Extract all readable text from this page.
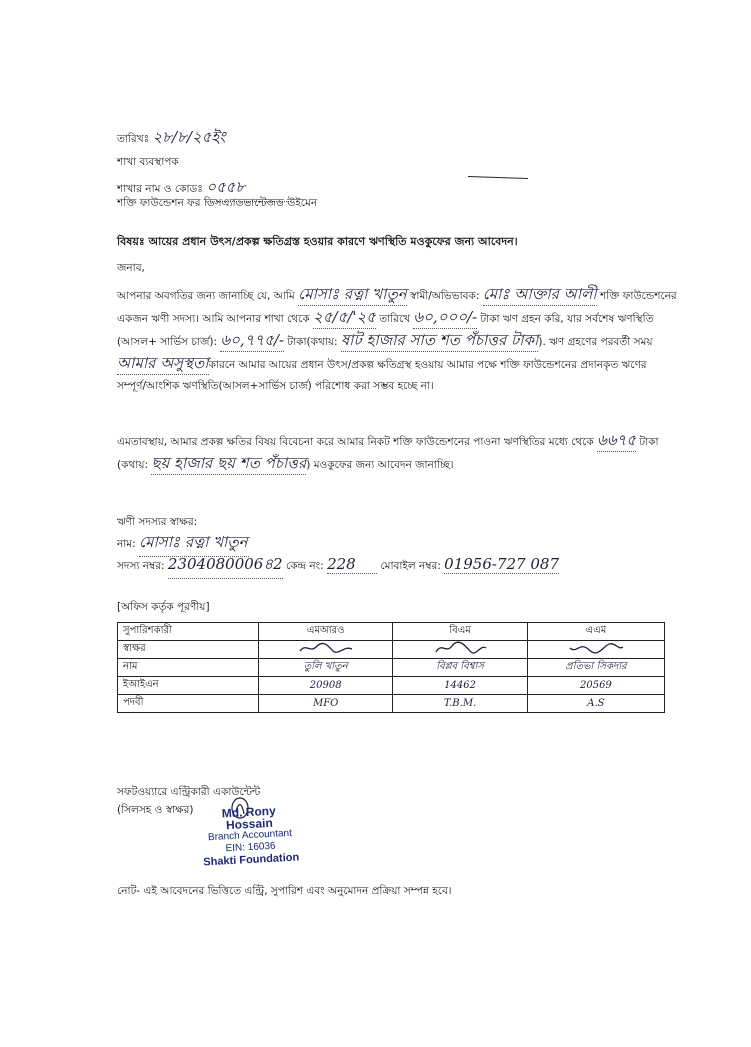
তারিখঃ ২৮/৮/২৫ইং
শাখা ব্যবস্থাপক
শাখার নাম ও কোডঃ ০৫৫৮
শক্তি ফাউন্ডেশন ফর ডিসএ্যাডভান্টেজড উইমেন
বিষয়ঃ আয়ের প্রধান উৎস/প্রকল্প ক্ষতিগ্রস্ত হওয়ার কারণে ঋণস্থিতি মওকুফের জন্য আবেদন।
জনাব,
আপনার অবগতির জন্য জানাচ্ছি যে, আমি মোসাঃ রত্না খাতুন স্বামী/অভিভাবক: মোঃ আক্তার আলী শক্তি ফাউন্ডেশনের একজন ঋণী সদস্য। আমি আপনার শাখা থেকে ২৫/৫/'২৫ তারিখে ৬০,০০০/- টাকা ঋণ গ্রহন করি, যার সর্বশেষ ঋণস্থিতি (আসল+ সার্ভিস চার্জ): ৬০,৭৭৫/- টাকা(কথায়: ষাট হাজার সাত শত পঁচাত্তর টাকা). ঋণ গ্রহণের পরবর্তী সময় আমার অসুস্থতাকারনে আমার আয়ের প্রধান উৎস/প্রকল্প ক্ষতিগ্রস্থ হওয়ায় আমার পক্ষে শক্তি ফাউন্ডেশনের প্রদানকৃত ঋণের সম্পূর্ণ/আংশিক ঋণস্থিতি(আসল+সার্ভিস চার্জ) পরিশোধ করা সম্ভব হচ্ছে না।
এমতাবস্থায়, আমার প্রকল্প ক্ষতির বিষয় বিবেচনা করে আমার নিকট শক্তি ফাউন্ডেশনের পাওনা ঋণস্থিতির মধ্যে থেকে ৬৬৭৫ টাকা (কথায়: ছয় হাজার ছয় শত পঁচাত্তর) মওকুফের জন্য আবেদন জানাচ্ছি।
ঋণী সদস্যর স্বাক্ষর:
নাম: মোসাঃ রত্না খাতুন
সদস্য নম্বর: 2304080006৪2 কেন্দ্র নং: 228 মোবাইল নম্বর: 01956-727 087
[অফিস কর্তৃক পূরণীয়]
সুপারিশকারী	এমআরও	বিএম	এএম
স্বাক্ষর			
নাম	তুলি খাতুন	বিপ্লব বিশ্বাস	প্রতিভা সিকদার
ইআইএন	20908	14462	20569
পদবী	MFO	T.B.M.	A.S
সফটওয়্যারে এন্ট্রিকারী একাউন্টেন্ট
(সিলসহ ও স্বাক্ষর)	Md. Rony Hossain
Branch Accountant
EIN: 16036
Shakti Foundation
নোট- এই আবেদনের ভিত্তিতে এন্ট্রি, সুপারিশ এবং অনুমোদন প্রক্রিয়া সম্পন্ন হবে।
